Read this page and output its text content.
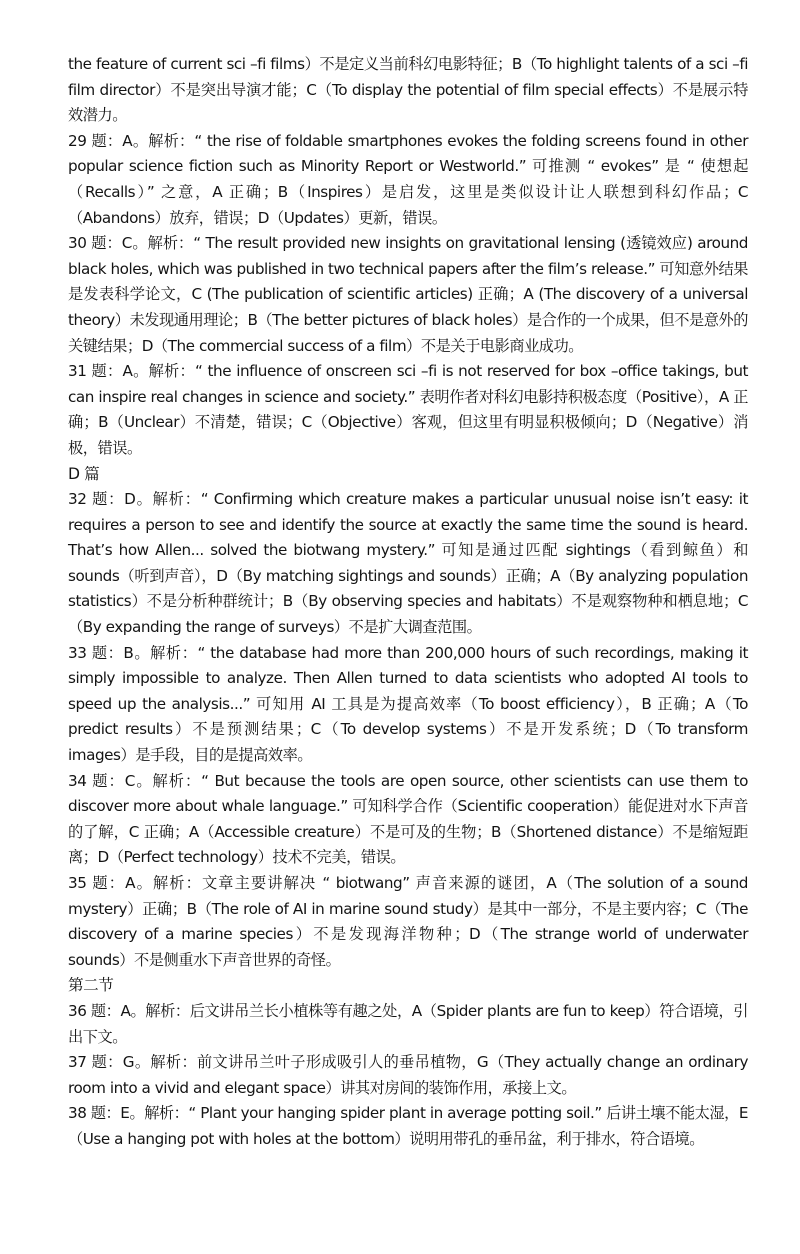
the feature of current sci –fi films）不是定义当前科幻电影特征；B（To highlight talents of a sci –fi film director）不是突出导演才能；C（To display the potential of film special effects）不是展示特效潜力。

29 题：A。解析：“ the rise of foldable smartphones evokes the folding screens found in other popular science fiction such as Minority Report or Westworld.” 可推测 “ evokes” 是 “ 使想起（Recalls）” 之意，A 正确；B（Inspires）是启发，这里是类似设计让人联想到科幻作品；C（Abandons）放弃，错误；D（Updates）更新，错误。

30 题：C。解析：“ The result provided new insights on gravitational lensing (透镜效应) around black holes, which was published in two technical papers after the film’s release.” 可知意外结果是发表科学论文，C (The publication of scientific articles) 正确；A (The discovery of a universal theory）未发现通用理论；B（The better pictures of black holes）是合作的一个成果，但不是意外的关键结果；D（The commercial success of a film）不是关于电影商业成功。

31 题：A。解析：“ the influence of onscreen sci –fi is not reserved for box –office takings, but can inspire real changes in science and society.” 表明作者对科幻电影持积极态度（Positive），A 正确；B（Unclear）不清楚，错误；C（Objective）客观，但这里有明显积极倾向；D（Negative）消极，错误。

D 篇

32 题：D。解析：“ Confirming which creature makes a particular unusual noise isn’t easy: it requires a person to see and identify the source at exactly the same time the sound is heard. That’s how Allen... solved the biotwang mystery.” 可知是通过匹配 sightings（看到鲸鱼）和 sounds（听到声音），D（By matching sightings and sounds）正确；A（By analyzing population statistics）不是分析种群统计；B（By observing species and habitats）不是观察物种和栖息地；C（By expanding the range of surveys）不是扩大调查范围。

33 题：B。解析：“ the database had more than 200,000 hours of such recordings, making it simply impossible to analyze. Then Allen turned to data scientists who adopted AI tools to speed up the analysis...” 可知用 AI 工具是为提高效率（To boost efficiency），B 正确；A（To predict results）不是预测结果；C（To develop systems）不是开发系统；D（To transform images）是手段，目的是提高效率。

34 题：C。解析：“ But because the tools are open source, other scientists can use them to discover more about whale language.” 可知科学合作（Scientific cooperation）能促进对水下声音的了解，C 正确；A（Accessible creature）不是可及的生物；B（Shortened distance）不是缩短距离；D（Perfect technology）技术不完美，错误。

35 题：A。解析：文章主要讲解决 “ biotwang” 声音来源的谜团，A（The solution of a sound mystery）正确；B（The role of AI in marine sound study）是其中一部分，不是主要内容；C（The discovery of a marine species）不是发现海洋物种；D（The strange world of underwater sounds）不是侧重水下声音世界的奇怪。

第二节

36 题：A。解析：后文讲吊兰长小植株等有趣之处，A（Spider plants are fun to keep）符合语境，引出下文。

37 题：G。解析：前文讲吊兰叶子形成吸引人的垂吊植物，G（They actually change an ordinary room into a vivid and elegant space）讲其对房间的装饰作用，承接上文。

38 题：E。解析：“ Plant your hanging spider plant in average potting soil.” 后讲土壤不能太湿，E（Use a hanging pot with holes at the bottom）说明用带孔的垂吊盆，利于排水，符合语境。
